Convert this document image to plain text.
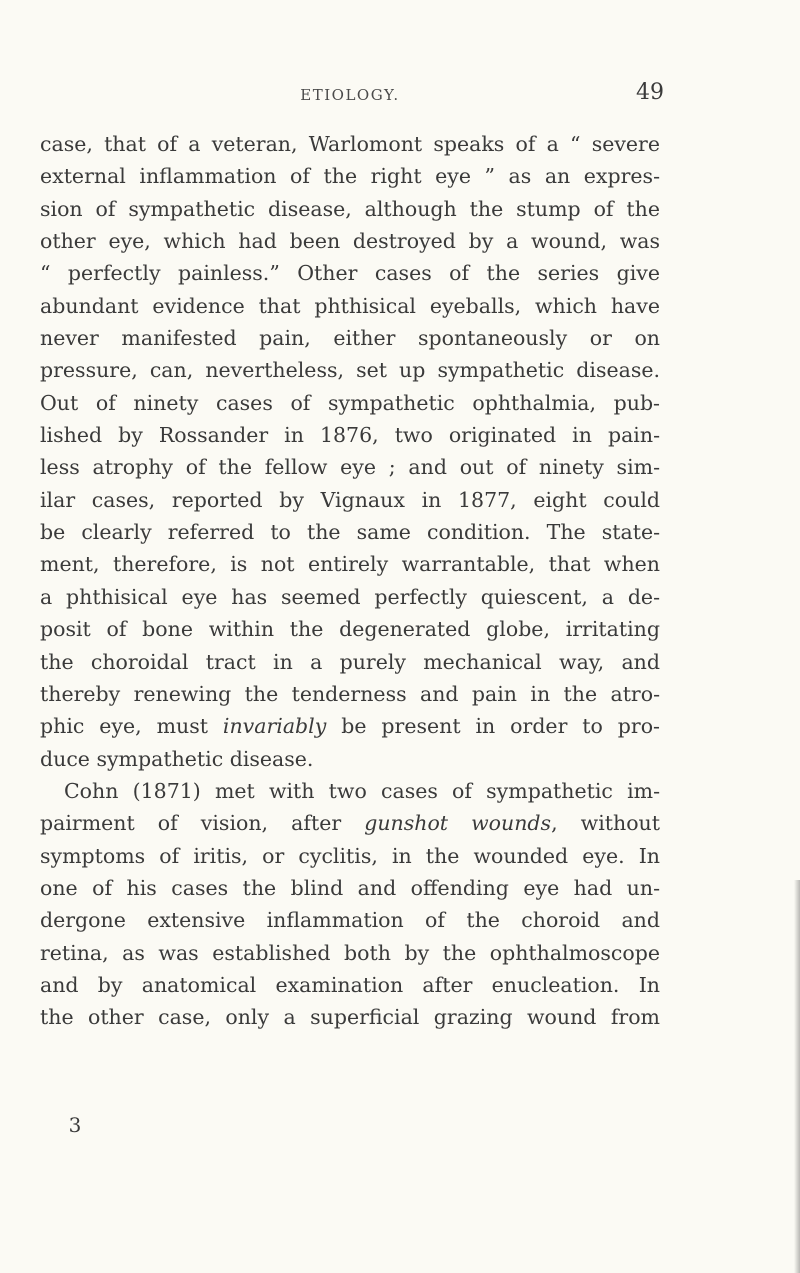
ETIOLOGY.	49
case, that of a veteran, Warlomont speaks of a “ severe
external inflammation of the right eye ” as an expres-
sion of sympathetic disease, although the stump of the
other eye, which had been destroyed by a wound, was
“ perfectly painless.” Other cases of the series give
abundant evidence that phthisical eyeballs, which have
never manifested pain, either spontaneously or on
pressure, can, nevertheless, set up sympathetic disease.
Out of ninety cases of sympathetic ophthalmia, pub-
lished by Rossander in 1876, two originated in pain-
less atrophy of the fellow eye ; and out of ninety sim-
ilar cases, reported by Vignaux in 1877, eight could
be clearly referred to the same condition. The state-
ment, therefore, is not entirely warrantable, that when
a phthisical eye has seemed perfectly quiescent, a de-
posit of bone within the degenerated globe, irritating
the choroidal tract in a purely mechanical way, and
thereby renewing the tenderness and pain in the atro-
phic eye, must invariably be present in order to pro-
duce sympathetic disease.
Cohn (1871) met with two cases of sympathetic im-
pairment of vision, after gunshot wounds, without
symptoms of iritis, or cyclitis, in the wounded eye. In
one of his cases the blind and offending eye had un-
dergone extensive inflammation of the choroid and
retina, as was established both by the ophthalmoscope
and by anatomical examination after enucleation. In
the other case, only a superficial grazing wound from
3
